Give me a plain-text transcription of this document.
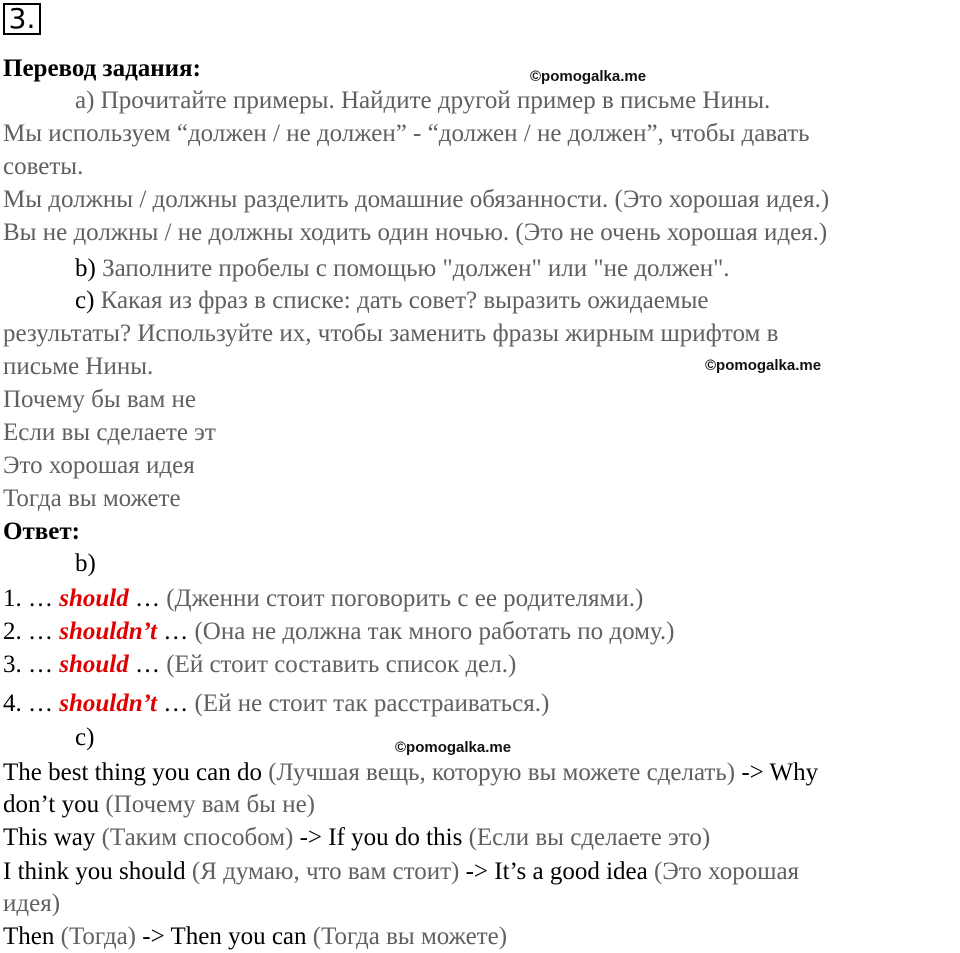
3.
Перевод задания:	©pomogalka.me
a) Прочитайте примеры. Найдите другой пример в письме Нины.
Мы используем “должен / не должен” - “должен / не должен”, чтобы давать
советы.
Мы должны / должны разделить домашние обязанности. (Это хорошая идея.)
Вы не должны / не должны ходить один ночью. (Это не очень хорошая идея.)
b) Заполните пробелы с помощью "должен" или "не должен".
c) Какая из фраз в списке: дать совет? выразить ожидаемые
результаты? Используйте их, чтобы заменить фразы жирным шрифтом в
письме Нины.	©pomogalka.me
Почему бы вам не
Если вы сделаете эт
Это хорошая идея
Тогда вы можете
Ответ:
b)
1. … should … (Дженни стоит поговорить с ее родителями.)
2. … shouldn’t … (Она не должна так много работать по дому.)
3. … should … (Ей стоит составить список дел.)
4. … shouldn’t … (Ей не стоит так расстраиваться.)
c)	©pomogalka.me
The best thing you can do (Лучшая вещь, которую вы можете сделать) -> Why
don’t you (Почему вам бы не)
This way (Таким способом) -> If you do this (Если вы сделаете это)
I think you should (Я думаю, что вам стоит) -> It’s a good idea (Это хорошая
идея)
Then (Тогда) -> Then you can (Тогда вы можете)
